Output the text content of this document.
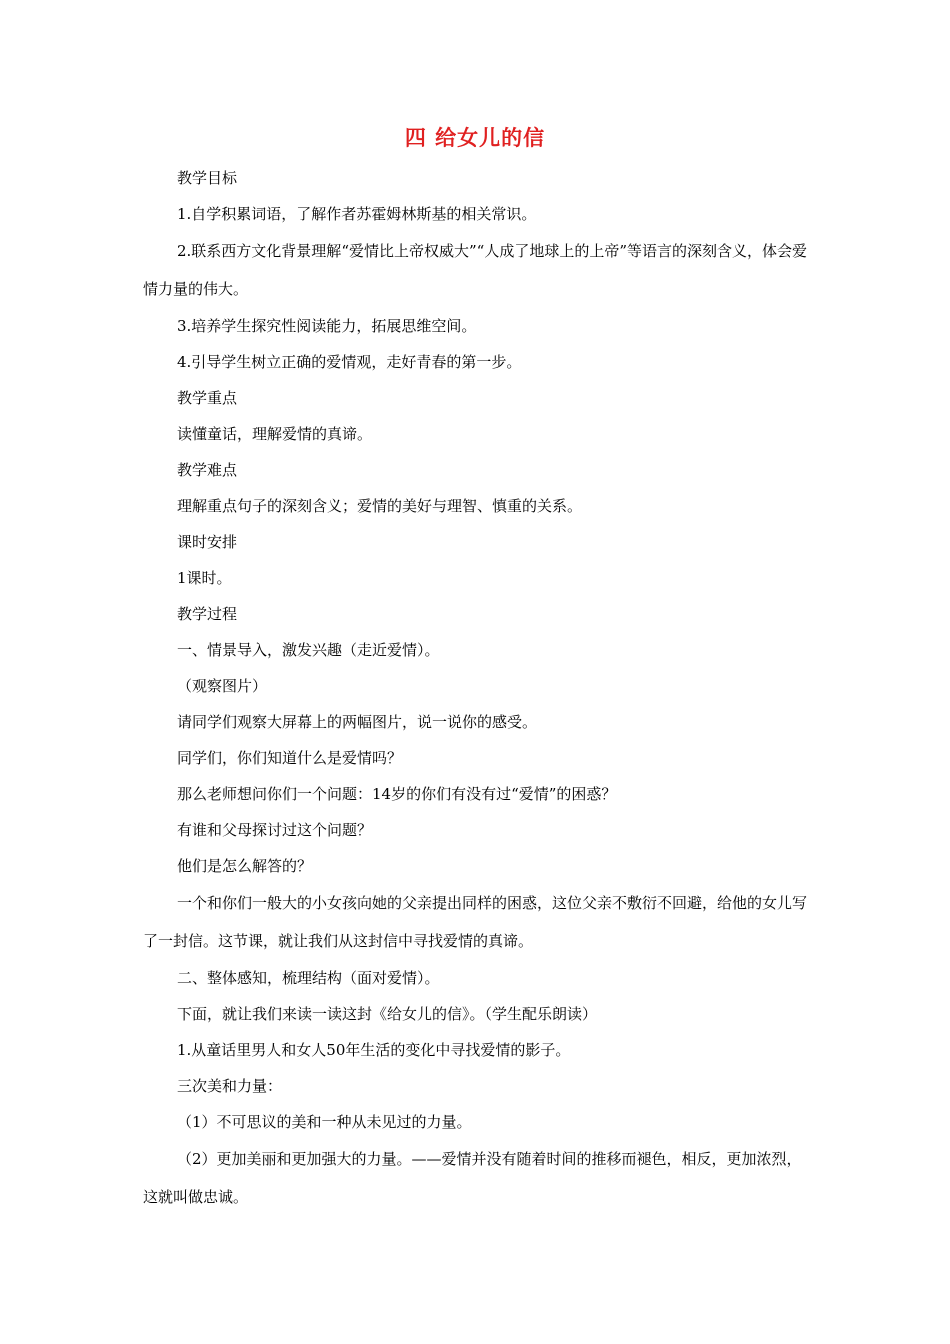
四 给女儿的信

教学目标

1.自学积累词语，了解作者苏霍姆林斯基的相关常识。

2.联系西方文化背景理解“爱情比上帝权威大”“人成了地球上的上帝”等语言的深刻含义，体会爱情力量的伟大。

3.培养学生探究性阅读能力，拓展思维空间。

4.引导学生树立正确的爱情观，走好青春的第一步。

教学重点

读懂童话，理解爱情的真谛。

教学难点

理解重点句子的深刻含义；爱情的美好与理智、慎重的关系。

课时安排

1课时。

教学过程

一、情景导入，激发兴趣（走近爱情）。

（观察图片）

请同学们观察大屏幕上的两幅图片，说一说你的感受。

同学们，你们知道什么是爱情吗？

那么老师想问你们一个问题：14岁的你们有没有过“爱情”的困惑？

有谁和父母探讨过这个问题？

他们是怎么解答的？

一个和你们一般大的小女孩向她的父亲提出同样的困惑，这位父亲不敷衍不回避，给他的女儿写了一封信。这节课，就让我们从这封信中寻找爱情的真谛。

二、整体感知，梳理结构（面对爱情）。

下面，就让我们来读一读这封《给女儿的信》。（学生配乐朗读）

1.从童话里男人和女人50年生活的变化中寻找爱情的影子。

三次美和力量：

（1）不可思议的美和一种从未见过的力量。

（2）更加美丽和更加强大的力量。——爱情并没有随着时间的推移而褪色，相反，更加浓烈，这就叫做忠诚。
